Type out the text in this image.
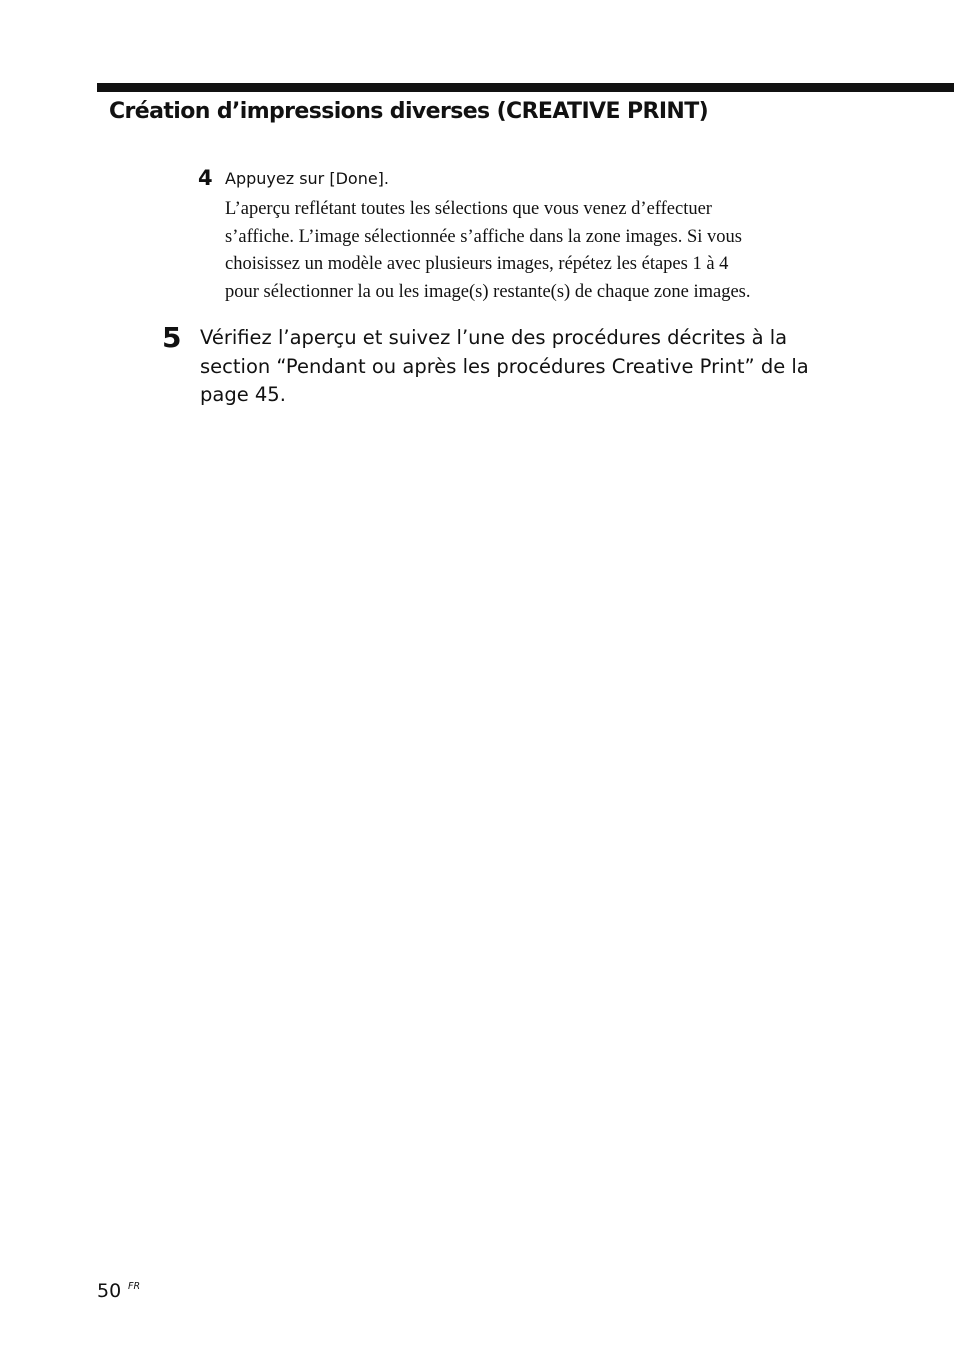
Création d’impressions diverses (CREATIVE PRINT)
4 Appuyez sur [Done].

L’aperçu reflétant toutes les sélections que vous venez d’effectuer
s’affiche. L’image sélectionnée s’affiche dans la zone images. Si vous
choisissez un modèle avec plusieurs images, répétez les étapes 1 à 4
pour sélectionner la ou les image(s) restante(s) de chaque zone images.

5 Vérifiez l’aperçu et suivez l’une des procédures décrites à la
section “Pendant ou après les procédures Creative Print” de la
page 45.

50 FR
